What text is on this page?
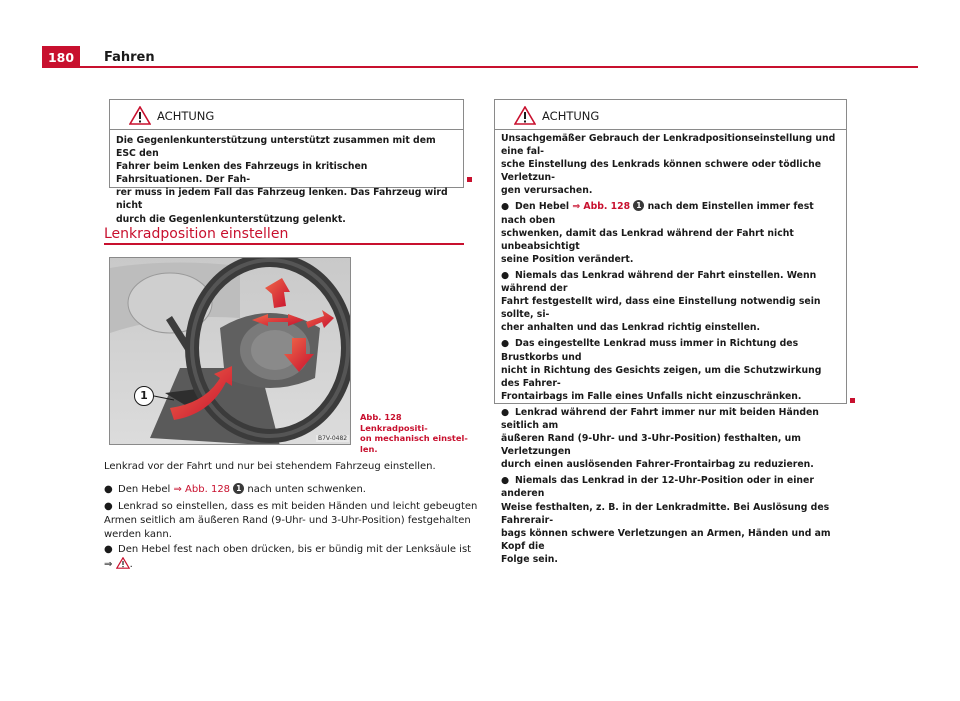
180	Fahren
ACHTUNG
Die Gegenlenkunterstützung unterstützt zusammen mit dem ESC den
Fahrer beim Lenken des Fahrzeugs in kritischen Fahrsituationen. Der Fah-
rer muss in jedem Fall das Fahrzeug lenken. Das Fahrzeug wird nicht
durch die Gegenlenkunterstützung gelenkt.
Lenkradposition einstellen
1
B7V-0482
Abb. 128 Lenkradpositi-
on mechanisch einstel-
len.
Lenkrad vor der Fahrt und nur bei stehendem Fahrzeug einstellen.
● Den Hebel ⇒ Abb. 128 1 nach unten schwenken.
● Lenkrad so einstellen, dass es mit beiden Händen und leicht gebeugten
Armen seitlich am äußeren Rand (9-Uhr- und 3-Uhr-Position) festgehalten
werden kann.
● Den Hebel fest nach oben drücken, bis er bündig mit der Lenksäule ist
⇒ .
ACHTUNG
Unsachgemäßer Gebrauch der Lenkradpositionseinstellung und eine fal-
sche Einstellung des Lenkrads können schwere oder tödliche Verletzun-
gen verursachen.
● Den Hebel ⇒ Abb. 128 1 nach dem Einstellen immer fest nach oben
schwenken, damit das Lenkrad während der Fahrt nicht unbeabsichtigt
seine Position verändert.
● Niemals das Lenkrad während der Fahrt einstellen. Wenn während der
Fahrt festgestellt wird, dass eine Einstellung notwendig sein sollte, si-
cher anhalten und das Lenkrad richtig einstellen.
● Das eingestellte Lenkrad muss immer in Richtung des Brustkorbs und
nicht in Richtung des Gesichts zeigen, um die Schutzwirkung des Fahrer-
Frontairbags im Falle eines Unfalls nicht einzuschränken.
● Lenkrad während der Fahrt immer nur mit beiden Händen seitlich am
äußeren Rand (9-Uhr- und 3-Uhr-Position) festhalten, um Verletzungen
durch einen auslösenden Fahrer-Frontairbag zu reduzieren.
● Niemals das Lenkrad in der 12-Uhr-Position oder in einer anderen
Weise festhalten, z. B. in der Lenkradmitte. Bei Auslösung des Fahrerair-
bags können schwere Verletzungen an Armen, Händen und am Kopf die
Folge sein.
